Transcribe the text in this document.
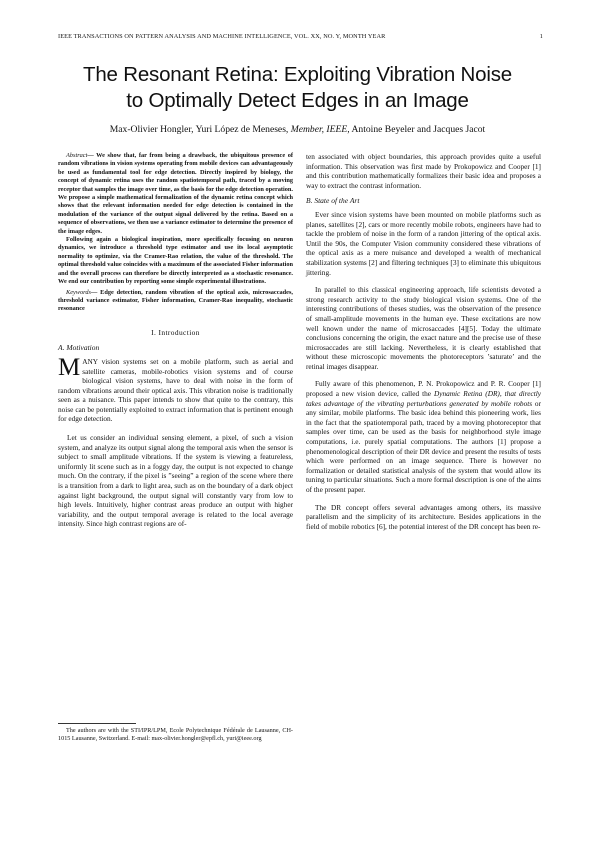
IEEE TRANSACTIONS ON PATTERN ANALYSIS AND MACHINE INTELLIGENCE, VOL. XX, NO. Y, MONTH YEAR	1
The Resonant Retina: Exploiting Vibration Noise
to Optimally Detect Edges in an Image
Max-Olivier Hongler, Yuri López de Meneses, Member, IEEE, Antoine Beyeler and Jacques Jacot

Abstract— We show that, far from being a drawback, the ubiquitous presence of random vibrations in vision systems operating from mobile devices can advantageously be used as fundamental tool for edge detection. Directly inspired by biology, the concept of dynamic retina uses the random spatiotemporal path, traced by a moving receptor that samples the image over time, as the basis for the edge detection operation. We propose a simple mathematical formalization of the dynamic retina concept which shows that the relevant information needed for edge detection is contained in the modulation of the variance of the output signal delivered by the retina. Based on a sequence of observations, we then use a variance estimator to determine the presence of the image edges.

Following again a biological inspiration, more specifically focusing on neuron dynamics, we introduce a threshold type estimator and use its local asymptotic normality to optimize, via the Cramer-Rao relation, the value of the threshold. The optimal threshold value coincides with a maximum of the associated Fisher information and the overall process can therefore be directly interpreted as a stochastic resonance. We end our contribution by reporting some simple experimental illustrations.

Keywords— Edge detection, random vibration of the optical axis, microsaccades, threshold variance estimator, Fisher information, Cramer-Rao inequality, stochastic resonance
I. Introduction
A. Motivation

MANY vision systems set on a mobile platform, such as aerial and satellite cameras, mobile-robotics vision systems and of course biological vision systems, have to deal with noise in the form of random vibrations around their optical axis. This vibration noise is traditionally seen as a nuisance. This paper intends to show that quite to the contrary, this noise can be potentially exploited to extract information that is pertinent enough for edge detection.

Let us consider an individual sensing element, a pixel, of such a vision system, and analyze its output signal along the temporal axis when the sensor is subject to small amplitude vibrations. If the system is viewing a featureless, uniformly lit scene such as in a foggy day, the output is not expected to change much. On the contrary, if the pixel is ”seeing” a region of the scene where there is a transition from a dark to light area, such as on the boundary of a dark object against light background, the output signal will constantly vary from low to high levels. Intuitively, higher contrast areas produce an output with higher variability, and the output temporal average is related to the local average intensity. Since high contrast regions are of-

The authors are with the STI/IPR/LPM, Ecole Polytechnique Fédérale de Lausanne, CH-1015 Lausanne, Switzerland. E-mail: max-olivier.hongler@epfl.ch, yuri@ieee.org

ten associated with object boundaries, this approach provides quite a useful information. This observation was first made by Prokopowicz and Cooper [1] and this contribution mathematically formalizes their basic idea and proposes a way to extract the contrast information.

B. State of the Art

Ever since vision systems have been mounted on mobile platforms such as planes, satellites [2], cars or more recently mobile robots, engineers have had to tackle the problem of noise in the form of a randon jittering of the optical axis. Until the 90s, the Computer Vision community considered these vibrations of the optical axis as a mere nuisance and developed a wealth of mechanical stabilization systems [2] and filtering techniques [3] to eliminate this ubiquitous jittering.

In parallel to this classical engineering approach, life scientists devoted a strong research activity to the study biological vision systems. One of the interesting contributions of theses studies, was the observation of the presence of small-amplitude movements in the human eye. These excitations are now well known under the name of microsaccades [4][5]. Today the ultimate conclusions concerning the origin, the exact nature and the precise use of these microsaccades are still lacking. Nevertheless, it is clearly established that without these microscopic movements the photoreceptors ’saturate’ and the retinal images disappear.

Fully aware of this phenomenon, P. N. Prokopowicz and P. R. Cooper [1] proposed a new vision device, called the Dynamic Retina (DR), that directly takes advantage of the vibrating perturbations generated by mobile robots or any similar, mobile platforms. The basic idea behind this pioneering work, lies in the fact that the spatiotemporal path, traced by a moving photoreceptor that samples over time, can be used as the basis for neighborhood style image computations, i.e. purely spatial computations. The authors [1] propose a phenomenological description of their DR device and present the results of tests which were performed on an image sequence. There is however no formalization or detailed statistical analysis of the system that would allow its tuning to particular situations. Such a more formal description is one of the aims of the present paper.

The DR concept offers several advantages among others, its massive parallelism and the simplicity of its architecture. Besides applications in the field of mobile robotics [6], the potential interest of the DR concept has been re-
